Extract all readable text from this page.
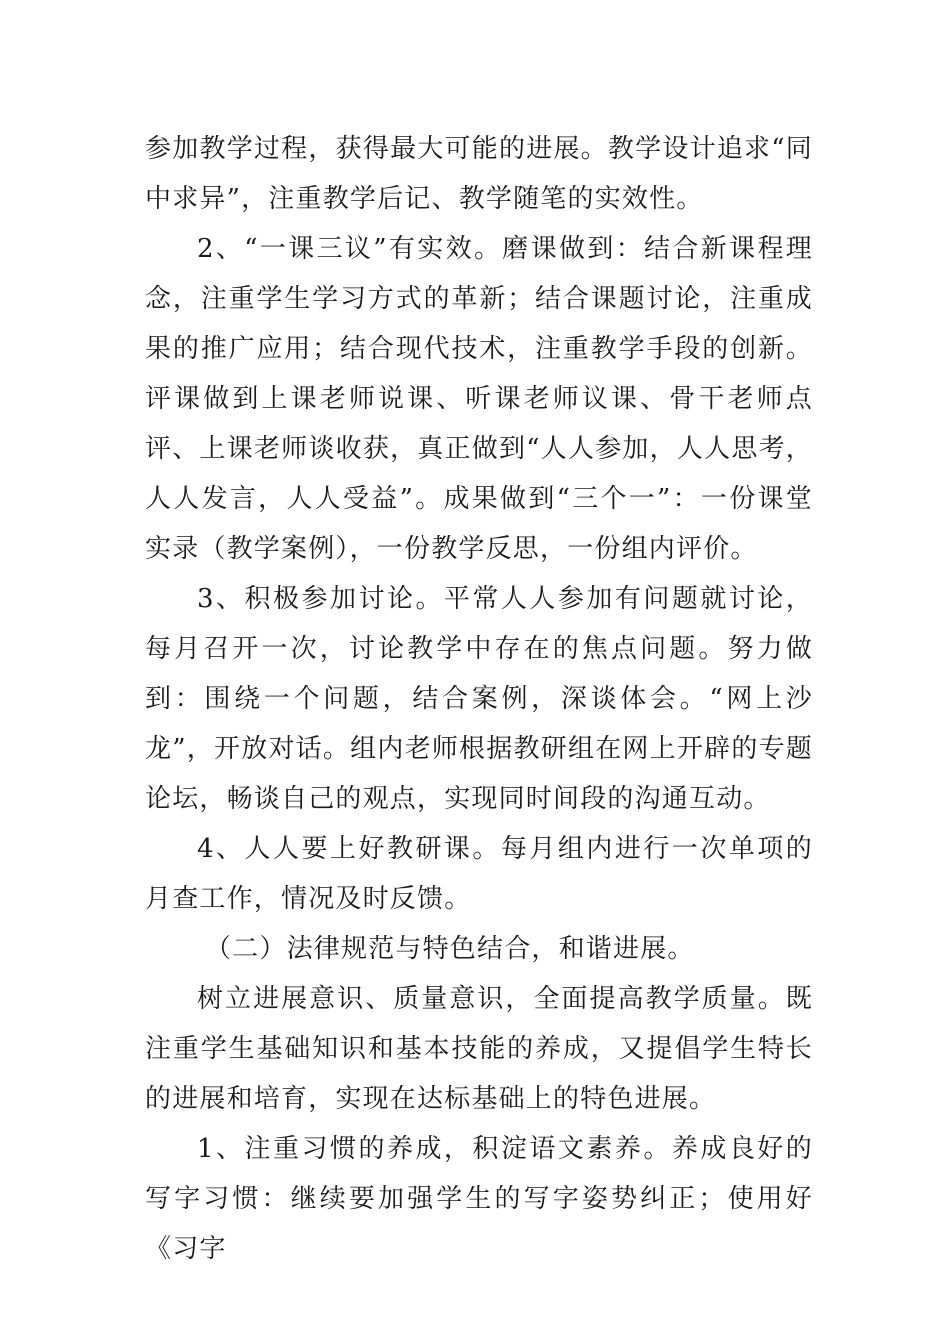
参加教学过程，获得最大可能的进展。教学设计追求“同中求异”，注重教学后记、教学随笔的实效性。

2、“一课三议”有实效。磨课做到：结合新课程理念，注重学生学习方式的革新；结合课题讨论，注重成果的推广应用；结合现代技术，注重教学手段的创新。评课做到上课老师说课、听课老师议课、骨干老师点评、上课老师谈收获，真正做到“人人参加，人人思考，人人发言，人人受益”。成果做到“三个一”：一份课堂实录（教学案例），一份教学反思，一份组内评价。

3、积极参加讨论。平常人人参加有问题就讨论，每月召开一次，讨论教学中存在的焦点问题。努力做到：围绕一个问题，结合案例，深谈体会。“网上沙龙”，开放对话。组内老师根据教研组在网上开辟的专题论坛，畅谈自己的观点，实现同时间段的沟通互动。

4、人人要上好教研课。每月组内进行一次单项的月查工作，情况及时反馈。

（二）法律规范与特色结合，和谐进展。

树立进展意识、质量意识，全面提高教学质量。既注重学生基础知识和基本技能的养成，又提倡学生特长的进展和培育，实现在达标基础上的特色进展。

1、注重习惯的养成，积淀语文素养。养成良好的写字习惯：继续要加强学生的写字姿势纠正；使用好《习字
